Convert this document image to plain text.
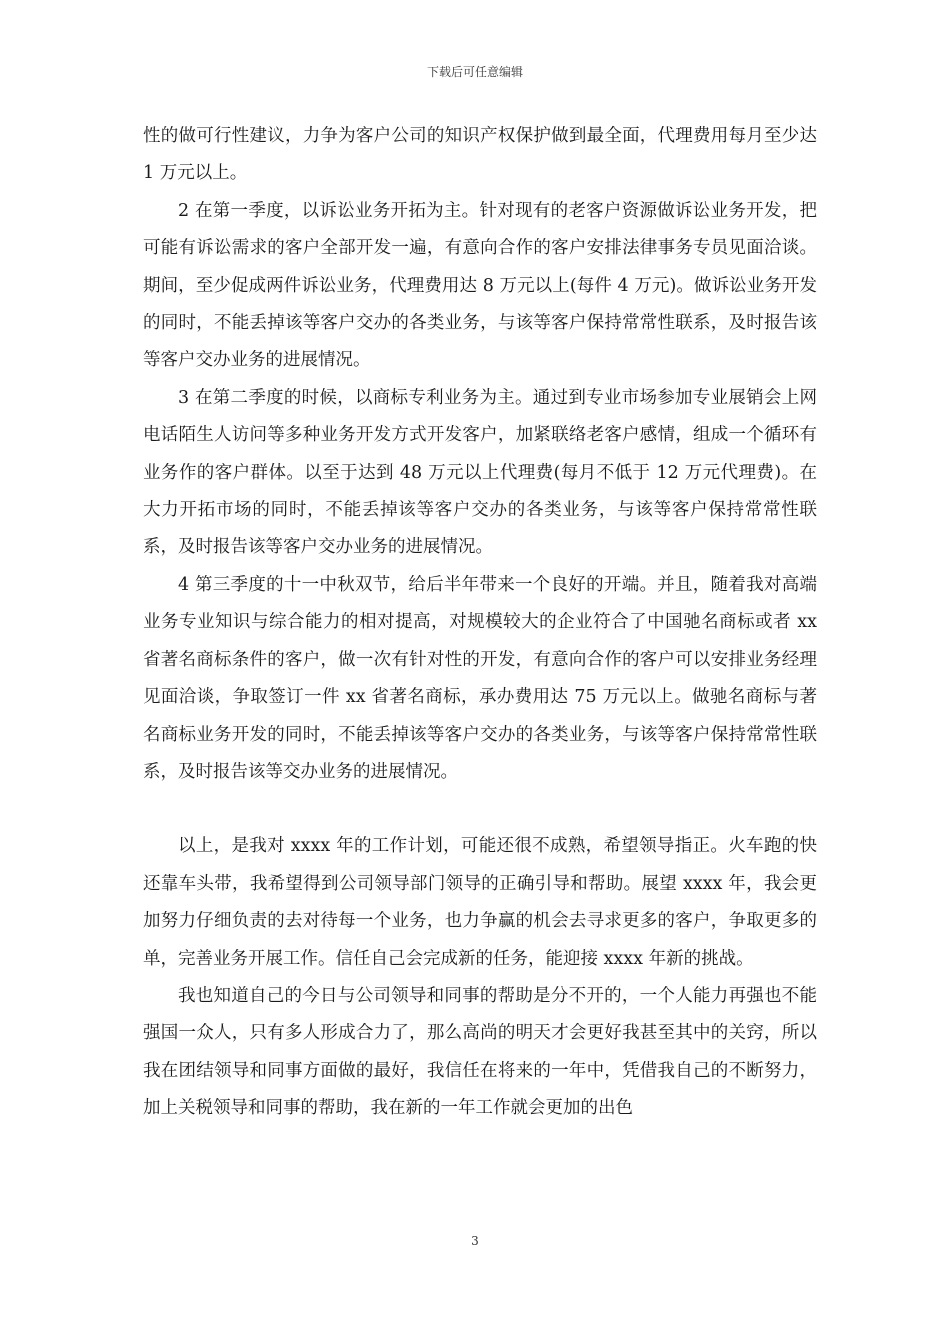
下载后可任意编辑

性的做可行性建议，力争为客户公司的知识产权保护做到最全面，代理费用每月至少达 1 万元以上。

2 在第一季度，以诉讼业务开拓为主。针对现有的老客户资源做诉讼业务开发，把可能有诉讼需求的客户全部开发一遍，有意向合作的客户安排法律事务专员见面洽谈。期间，至少促成两件诉讼业务，代理费用达 8 万元以上(每件 4 万元)。做诉讼业务开发的同时，不能丢掉该等客户交办的各类业务，与该等客户保持常常性联系，及时报告该等客户交办业务的进展情况。

3 在第二季度的时候，以商标专利业务为主。通过到专业市场参加专业展销会上网电话陌生人访问等多种业务开发方式开发客户，加紧联络老客户感情，组成一个循环有业务作的客户群体。以至于达到 48 万元以上代理费(每月不低于 12 万元代理费)。在大力开拓市场的同时，不能丢掉该等客户交办的各类业务，与该等客户保持常常性联系，及时报告该等客户交办业务的进展情况。

4 第三季度的十一中秋双节，给后半年带来一个良好的开端。并且，随着我对高端业务专业知识与综合能力的相对提高，对规模较大的企业符合了中国驰名商标或者 xx 省著名商标条件的客户，做一次有针对性的开发，有意向合作的客户可以安排业务经理见面洽谈，争取签订一件 xx 省著名商标，承办费用达 75 万元以上。做驰名商标与著名商标业务开发的同时，不能丢掉该等客户交办的各类业务，与该等客户保持常常性联系，及时报告该等交办业务的进展情况。

以上，是我对 xxxx 年的工作计划，可能还很不成熟，希望领导指正。火车跑的快还靠车头带，我希望得到公司领导部门领导的正确引导和帮助。展望 xxxx 年，我会更加努力仔细负责的去对待每一个业务，也力争赢的机会去寻求更多的客户，争取更多的单，完善业务开展工作。信任自己会完成新的任务，能迎接 xxxx 年新的挑战。

我也知道自己的今日与公司领导和同事的帮助是分不开的，一个人能力再强也不能强国一众人，只有多人形成合力了，那么高尚的明天才会更好我甚至其中的关窍，所以我在团结领导和同事方面做的最好，我信任在将来的一年中，凭借我自己的不断努力，加上关税领导和同事的帮助，我在新的一年工作就会更加的出色

3
